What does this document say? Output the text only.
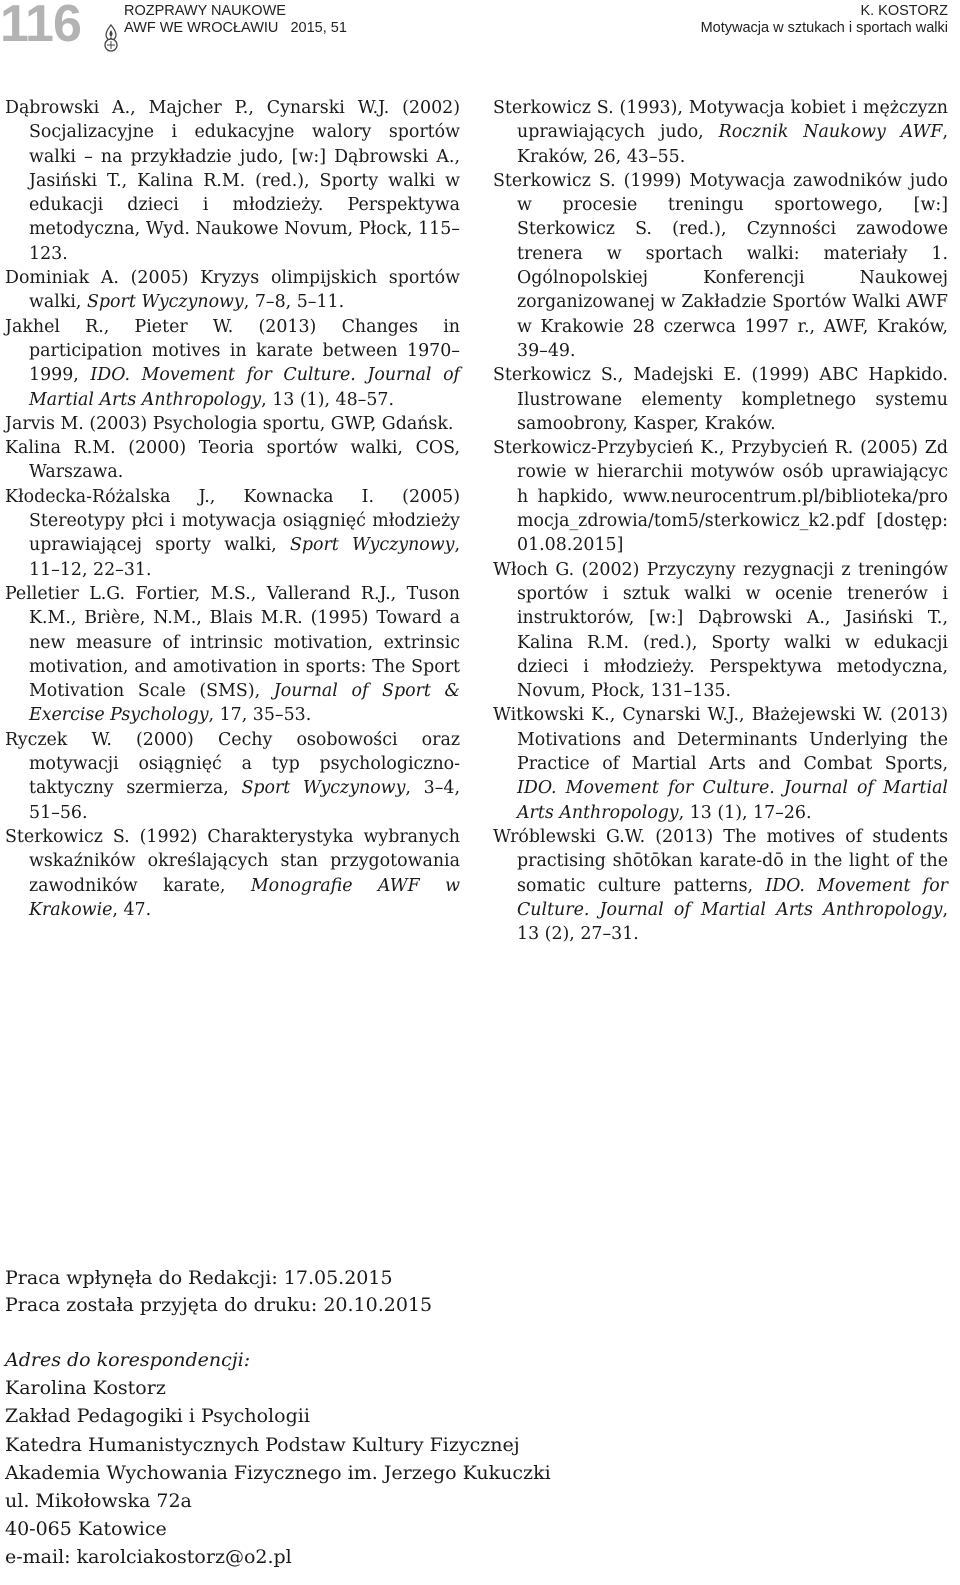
116	ROZPRAWY NAUKOWE
AWF WE WROCŁAWIU   2015, 51
K. KOSTORZ
Motywacja w sztukach i sportach walki

Dąbrowski A., Majcher P., Cynarski W.J. (2002) Socjalizacyjne i edukacyjne walory sportów walki – na przykładzie judo, [w:] Dąbrowski A., Jasiński T., Kalina R.M. (red.), Sporty walki w edukacji dzieci i młodzieży. Perspektywa metodyczna, Wyd. Naukowe Novum, Płock, 115–123.

Dominiak A. (2005) Kryzys olimpijskich sportów walki, Sport Wyczynowy, 7–8, 5–11.

Jakhel R., Pieter W. (2013) Changes in participation motives in karate between 1970–1999, IDO. Movement for Culture. Journal of Martial Arts Anthropology, 13 (1), 48–57.

Jarvis M. (2003) Psychologia sportu, GWP, Gdańsk.

Kalina R.M. (2000) Teoria sportów walki, COS, Warszawa.

Kłodecka-Różalska J., Kownacka I. (2005) Stereotypy płci i motywacja osiągnięć młodzieży uprawiającej sporty walki, Sport Wyczynowy, 11–12, 22–31.

Pelletier L.G. Fortier, M.S., Vallerand R.J., Tuson K.M., Brière, N.M., Blais M.R. (1995) Toward a new measure of intrinsic motivation, extrinsic motivation, and amotivation in sports: The Sport Motivation Scale (SMS), Journal of Sport & Exercise Psychology, 17, 35–53.

Ryczek W. (2000) Cechy osobowości oraz motywacji osiągnięć a typ psychologiczno-taktyczny szermierza, Sport Wyczynowy, 3–4, 51–56.

Sterkowicz S. (1992) Charakterystyka wybranych wskaźników określających stan przygotowania zawodników karate, Monografie AWF w Krakowie, 47.

Sterkowicz S. (1993), Motywacja kobiet i mężczyzn uprawiających judo, Rocznik Naukowy AWF, Kraków, 26, 43–55.

Sterkowicz S. (1999) Motywacja zawodników judo w procesie treningu sportowego, [w:] Sterkowicz S. (red.), Czynności zawodowe trenera w sportach walki: materiały 1. Ogólnopolskiej Konferencji Naukowej zorganizowanej w Zakładzie Sportów Walki AWF w Krakowie 28 czerwca 1997 r., AWF, Kraków, 39–49.

Sterkowicz S., Madejski E. (1999) ABC Hapkido. Ilustrowane elementy kompletnego systemu samoobrony, Kasper, Kraków.

Sterkowicz-Przybycień K., Przybycień R. (2005) Zdrowie w hierarchii motywów osób uprawiających hapkido, www.neurocentrum.pl/biblioteka/promocja_zdrowia/tom5/sterkowicz_k2.pdf [dostęp: 01.08.2015]

Włoch G. (2002) Przyczyny rezygnacji z treningów sportów i sztuk walki w ocenie trenerów i instruktorów, [w:] Dąbrowski A., Jasiński T., Kalina R.M. (red.), Sporty walki w edukacji dzieci i młodzieży. Perspektywa metodyczna, Novum, Płock, 131–135.

Witkowski K., Cynarski W.J., Błażejewski W. (2013) Motivations and Determinants Underlying the Practice of Martial Arts and Combat Sports, IDO. Movement for Culture. Journal of Martial Arts Anthropology, 13 (1), 17–26.

Wróblewski G.W. (2013) The motives of students practising shōtōkan karate-dō in the light of the somatic culture patterns, IDO. Movement for Culture. Journal of Martial Arts Anthropology, 13 (2), 27–31.

Praca wpłynęła do Redakcji: 17.05.2015
Praca została przyjęta do druku: 20.10.2015
Adres do korespondencji:
Karolina Kostorz
Zakład Pedagogiki i Psychologii
Katedra Humanistycznych Podstaw Kultury Fizycznej
Akademia Wychowania Fizycznego im. Jerzego Kukuczki
ul. Mikołowska 72a
40-065 Katowice
e-mail: karolciakostorz@o2.pl
